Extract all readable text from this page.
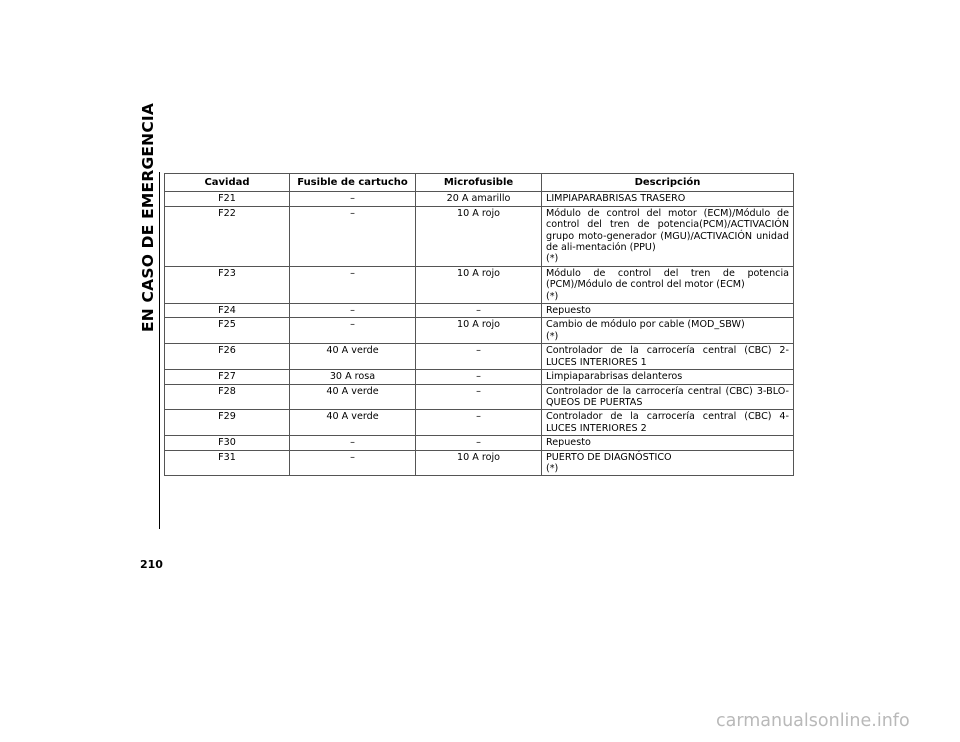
EN CASO DE EMERGENCIA	Cavidad	Fusible de cartucho	Microfusible	Descripción
F21	–	20 A amarillo	LIMPIAPARABRISAS TRASERO

F22	–	10 A rojo	Módulo de control del motor (ECM)/Módulo de control del tren de potencia(PCM)/ACTIVACIÓN grupo moto-generador (MGU)/ACTIVACIÓN unidad de ali-mentación (PPU)
(*)

F23	–	10 A rojo	Módulo de control del tren de potencia (PCM)/Módulo de control del motor (ECM)
(*)

F24	–	–	Repuesto

F25	–	10 A rojo	Cambio de módulo por cable (MOD_SBW)
(*)

F26	40 A verde	–	Controlador de la carrocería central (CBC) 2-LUCES INTERIORES 1

F27	30 A rosa	–	Limpiaparabrisas delanteros

F28	40 A verde	–	Controlador de la carrocería central (CBC) 3-BLO-QUEOS DE PUERTAS

F29	40 A verde	–	Controlador de la carrocería central (CBC) 4-LUCES INTERIORES 2

F30	–	–	Repuesto

F31	–	10 A rojo	PUERTO DE DIAGNÓSTICO
(*)
210
carmanualsonline.info
